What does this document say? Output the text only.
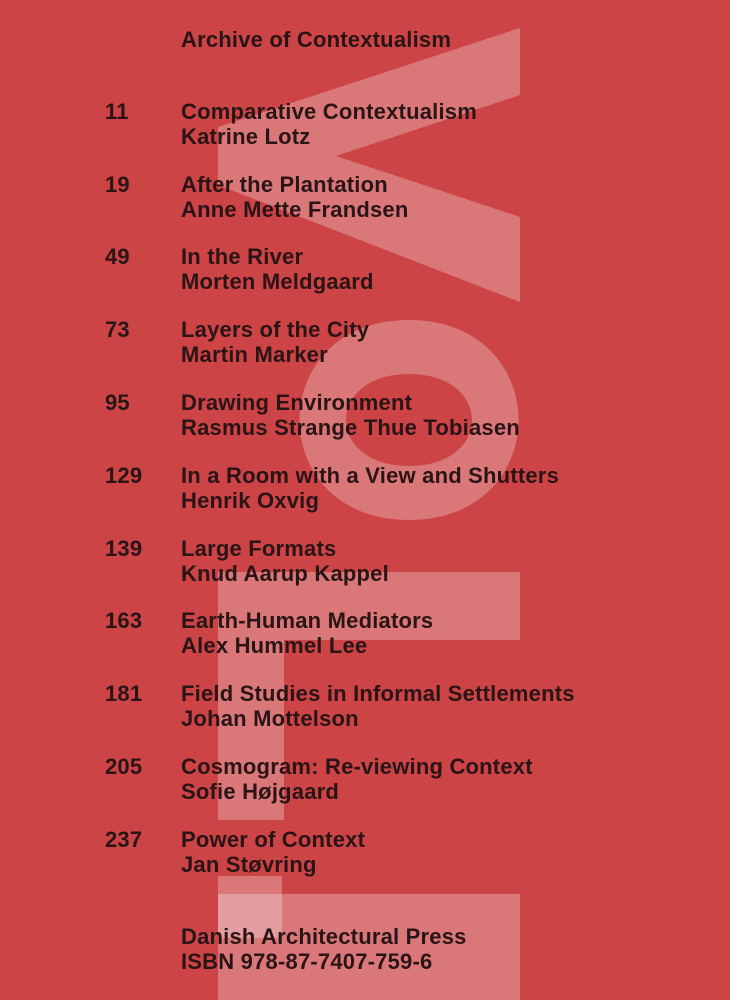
Archive of Contextualism
11 Comparative Contextualism
Katrine Lotz
19 After the Plantation
Anne Mette Frandsen
49 In the River
Morten Meldgaard
73 Layers of the City
Martin Marker
95 Drawing Environment
Rasmus Strange Thue Tobiasen
129 In a Room with a View and Shutters
Henrik Oxvig
139 Large Formats
Knud Aarup Kappel
163 Earth-Human Mediators
Alex Hummel Lee
181 Field Studies in Informal Settlements
Johan Mottelson
205 Cosmogram: Re-viewing Context
Sofie Højgaard
237 Power of Context
Jan Støvring
Danish Architectural Press
ISBN 978-87-7407-759-6
